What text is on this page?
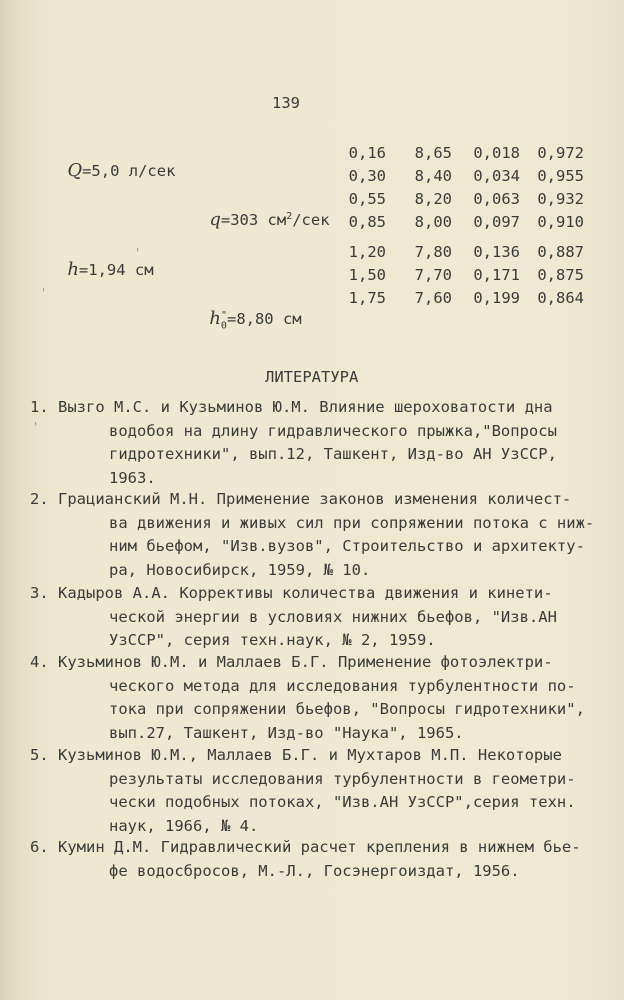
139

Q=5,0 л/сек

q=303 $см^2$/сек

h=1,94 см

$h_0^"=8,80$ см

0,16 8,65 0,018 0,972
0,30 8,40 0,034 0,955
0,55 8,20 0,063 0,932
0,85 8,00 0,097 0,910
1,20 7,80 0,136 0,887
1,50 7,70 0,171 0,875
1,75 7,60 0,199 0,864
ЛИТЕРАТУРА
1. Вызго М.С. и Кузьминов Ю.М. Влияние шероховатости дна
водобоя на длину гидравлического прыжка,"Вопросы
гидротехники", вып.12, Ташкент, Изд-во АН УзССР,
1963.
2. Грацианский М.Н. Применение законов изменения количест-
ва движения и живых сил при сопряжении потока с ниж-
ним бьефом, "Изв.вузов", Строительство и архитекту-
ра, Новосибирск, 1959, № 10.
3. Кадыров А.А. Коррективы количества движения и кинети-
ческой энергии в условиях нижних бьефов, "Изв.АН
УзССР", серия техн.наук, № 2, 1959.
4. Кузьминов Ю.М. и Маллаев Б.Г. Применение фотоэлектри-
ческого метода для исследования турбулентности по-
тока при сопряжении бьефов, "Вопросы гидротехники",
вып.27, Ташкент, Изд-во "Наука", 1965.
5. Кузьминов Ю.М., Маллаев Б.Г. и Мухтаров М.П. Некоторые
результаты исследования турбулентности в геометри-
чески подобных потоках, "Изв.АН УзССР",серия техн.
наук, 1966, № 4.
6. Кумин Д.М. Гидравлический расчет крепления в нижнем бье-
фе водосбросов, М.-Л., Госэнергоиздат, 1956.
'
'
'
